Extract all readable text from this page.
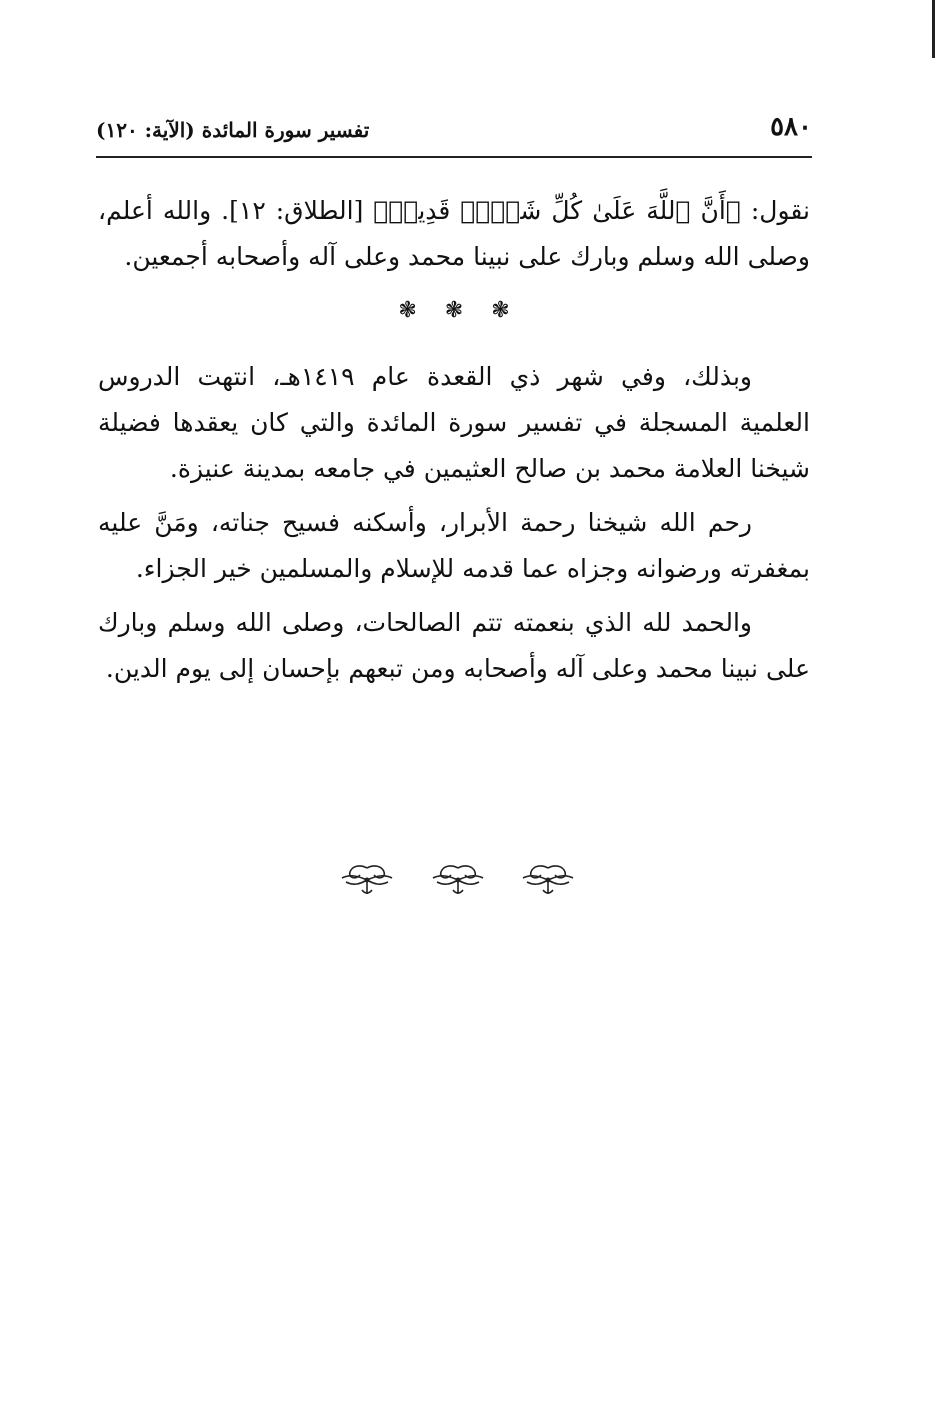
٥٨٠
تفسير سورة المائدة (الآية: ١٢٠)

نقول: ﴿أَنَّ ٱللَّهَ عَلَىٰ كُلِّ شَيۡءٖ قَدِيرٞ﴾ [الطلاق: ١٢]. والله أعلم، وصلى الله وسلم وبارك على نبينا محمد وعلى آله وأصحابه أجمعين.

❃
❃
❃

وبذلك، وفي شهر ذي القعدة عام ١٤١٩هـ، انتهت الدروس العلمية المسجلة في تفسير سورة المائدة والتي كان يعقدها فضيلة شيخنا العلامة محمد بن صالح العثيمين في جامعه بمدينة عنيزة.

رحم الله شيخنا رحمة الأبرار، وأسكنه فسيح جناته، ومَنَّ عليه بمغفرته ورضوانه وجزاه عما قدمه للإسلام والمسلمين خير الجزاء.

والحمد لله الذي بنعمته تتم الصالحات، وصلى الله وسلم وبارك على نبينا محمد وعلى آله وأصحابه ومن تبعهم بإحسان إلى يوم الدين.
